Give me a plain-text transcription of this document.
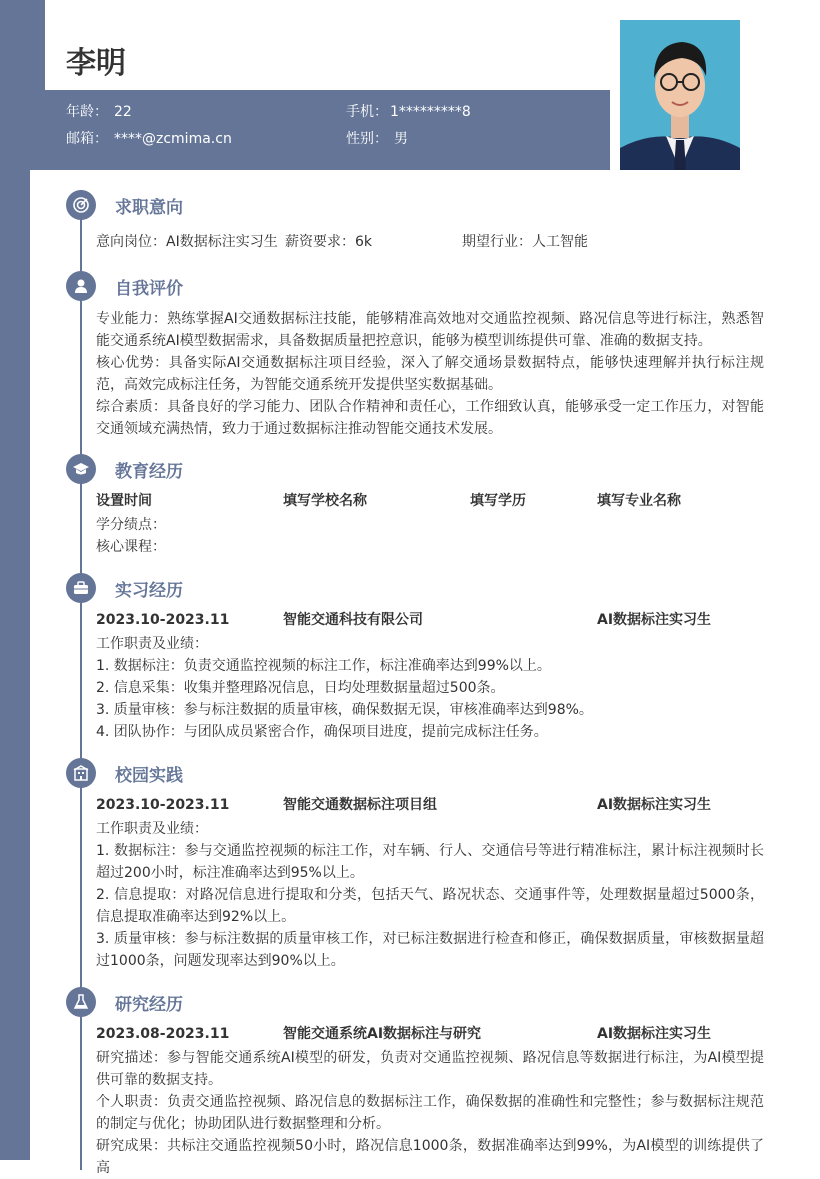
李明
年龄： 22	手机： 1*********8
邮箱： ****@zcmima.cn	性别： 男
求职意向
意向岗位：AI数据标注实习生 薪资要求：6k	期望行业：人工智能
自我评价

专业能力：熟练掌握AI交通数据标注技能，能够精准高效地对交通监控视频、路况信息等进行标注，熟悉智能交通系统AI模型数据需求，具备数据质量把控意识，能够为模型训练提供可靠、准确的数据支持。

核心优势：具备实际AI交通数据标注项目经验，深入了解交通场景数据特点，能够快速理解并执行标注规范，高效完成标注任务，为智能交通系统开发提供坚实数据基础。

综合素质：具备良好的学习能力、团队合作精神和责任心，工作细致认真，能够承受一定工作压力，对智能交通领域充满热情，致力于通过数据标注推动智能交通技术发展。

教育经历
设置时间	填写学校名称	填写学历	填写专业名称

学分绩点：

核心课程：

实习经历
2023.10-2023.11	智能交通科技有限公司	AI数据标注实习生

工作职责及业绩：

1. 数据标注：负责交通监控视频的标注工作，标注准确率达到99%以上。

2. 信息采集：收集并整理路况信息，日均处理数据量超过500条。

3. 质量审核：参与标注数据的质量审核，确保数据无误，审核准确率达到98%。

4. 团队协作：与团队成员紧密合作，确保项目进度，提前完成标注任务。

校园实践
2023.10-2023.11	智能交通数据标注项目组	AI数据标注实习生

工作职责及业绩：

1. 数据标注：参与交通监控视频的标注工作，对车辆、行人、交通信号等进行精准标注，累计标注视频时长超过200小时，标注准确率达到95%以上。

2. 信息提取：对路况信息进行提取和分类，包括天气、路况状态、交通事件等，处理数据量超过5000条，信息提取准确率达到92%以上。

3. 质量审核：参与标注数据的质量审核工作，对已标注数据进行检查和修正，确保数据质量，审核数据量超过1000条，问题发现率达到90%以上。

研究经历
2023.08-2023.11	智能交通系统AI数据标注与研究	AI数据标注实习生

研究描述：参与智能交通系统AI模型的研发，负责对交通监控视频、路况信息等数据进行标注，为AI模型提供可靠的数据支持。

个人职责：负责交通监控视频、路况信息的数据标注工作，确保数据的准确性和完整性；参与数据标注规范的制定与优化；协助团队进行数据整理和分析。

研究成果：共标注交通监控视频50小时，路况信息1000条，数据准确率达到99%，为AI模型的训练提供了高
